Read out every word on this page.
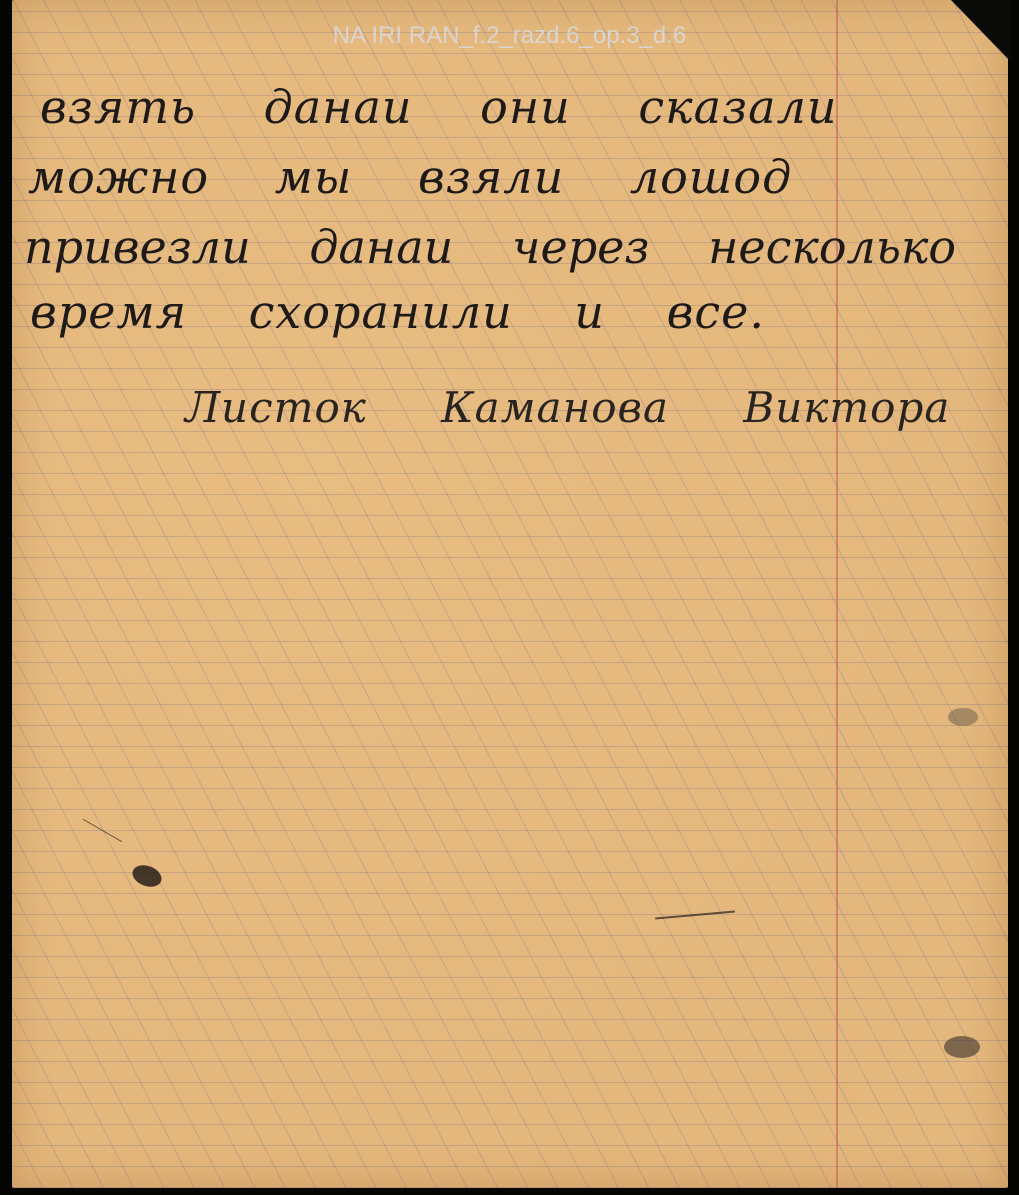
NA IRI RAN_f.2_razd.6_op.3_d.6
взять данаи они сказали
можно мы взяли лошод
привезли данаи через несколько
время схоранили и все.
Листок Каманова Виктора
